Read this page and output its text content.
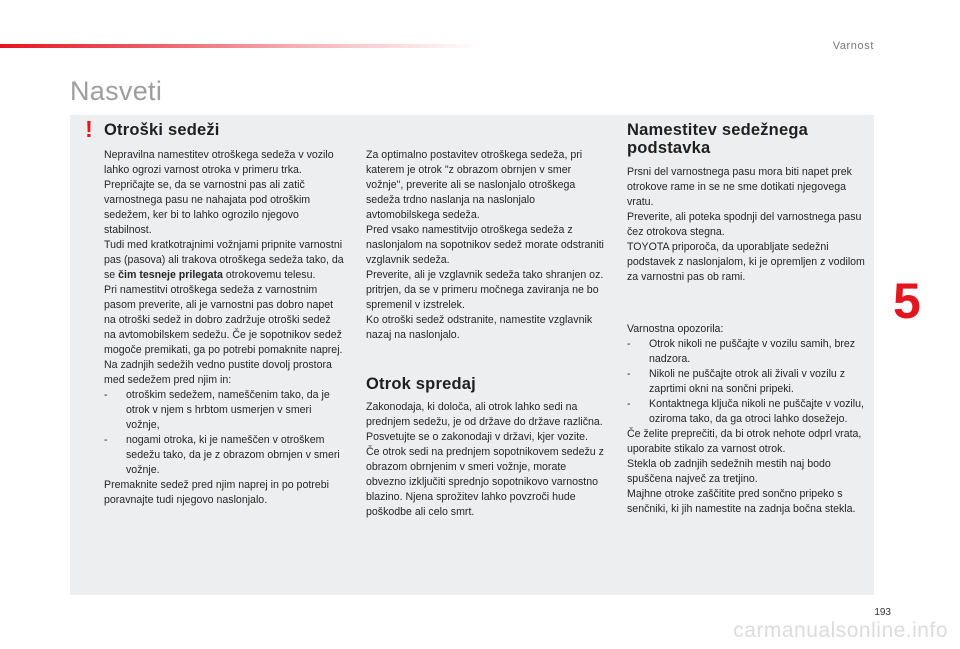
Varnost
Nasveti
5
! Otroški sedeži

Nepravilna namestitev otroškega sedeža v vozilo lahko ogrozi varnost otroka v primeru trka.

Prepričajte se, da se varnostni pas ali zatič varnostnega pasu ne nahajata pod otroškim sedežem, ker bi to lahko ogrozilo njegovo stabilnost.

Tudi med kratkotrajnimi vožnjami pripnite varnostni pas (pasova) ali trakova otroškega sedeža tako, da se čim tesneje prilegata otrokovemu telesu.

Pri namestitvi otroškega sedeža z varnostnim pasom preverite, ali je varnostni pas dobro napet na otroški sedež in dobro zadržuje otroški sedež na avtomobilskem sedežu. Če je sopotnikov sedež mogoče premikati, ga po potrebi pomaknite naprej.

Na zadnjih sedežih vedno pustite dovolj prostora med sedežem pred njim in:

-	otroškim sedežem, nameščenim tako, da je otrok v njem s hrbtom usmerjen v smeri vožnje,
-	nogami otroka, ki je nameščen v otroškem sedežu tako, da je z obrazom obrnjen v smeri vožnje.

Premaknite sedež pred njim naprej in po potrebi poravnajte tudi njegovo naslonjalo.

Za optimalno postavitev otroškega sedeža, pri katerem je otrok "z obrazom obrnjen v smer vožnje", preverite ali se naslonjalo otroškega sedeža trdno naslanja na naslonjalo avtomobilskega sedeža.

Pred vsako namestitvijo otroškega sedeža z naslonjalom na sopotnikov sedež morate odstraniti vzglavnik sedeža.

Preverite, ali je vzglavnik sedeža tako shranjen oz. pritrjen, da se v primeru močnega zaviranja ne bo spremenil v izstrelek.

Ko otroški sedež odstranite, namestite vzglavnik nazaj na naslonjalo.

Otrok spredaj

Zakonodaja, ki določa, ali otrok lahko sedi na prednjem sedežu, je od države do države različna. Posvetujte se o zakonodaji v državi, kjer vozite.

Če otrok sedi na prednjem sopotnikovem sedežu z obrazom obrnjenim v smeri vožnje, morate obvezno izključiti sprednjo sopotnikovo varnostno blazino. Njena sprožitev lahko povzroči hude poškodbe ali celo smrt.

Namestitev sedežnega podstavka

Prsni del varnostnega pasu mora biti napet prek otrokove rame in se ne sme dotikati njegovega vratu.

Preverite, ali poteka spodnji del varnostnega pasu čez otrokova stegna.

TOYOTA priporoča, da uporabljate sedežni podstavek z naslonjalom, ki je opremljen z vodilom za varnostni pas ob rami.

Varnostna opozorila:

-	Otrok nikoli ne puščajte v vozilu samih, brez nadzora.
-	Nikoli ne puščajte otrok ali živali v vozilu z zaprtimi okni na sončni pripeki.
-	Kontaktnega ključa nikoli ne puščajte v vozilu, oziroma tako, da ga otroci lahko dosežejo.

Če želite preprečiti, da bi otrok nehote odprl vrata, uporabite stikalo za varnost otrok.

Stekla ob zadnjih sedežnih mestih naj bodo spuščena največ za tretjino.

Majhne otroke zaščitite pred sončno pripeko s senčniki, ki jih namestite na zadnja bočna stekla.

193
carmanualsonline.info
